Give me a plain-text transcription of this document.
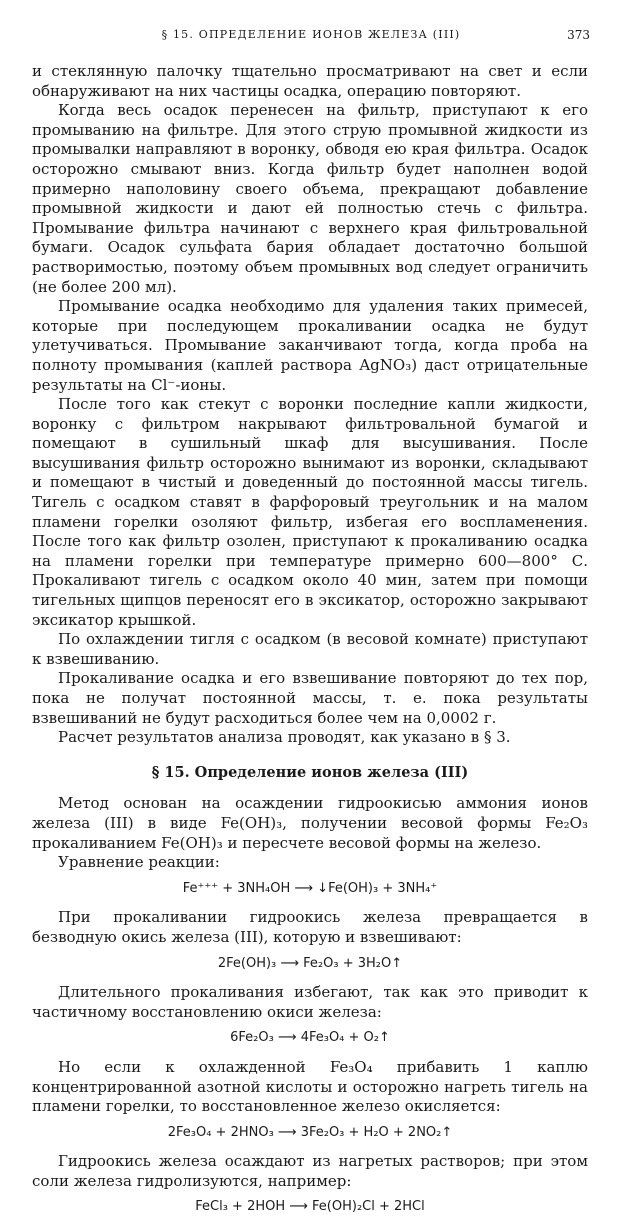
§ 15. ОПРЕДЕЛЕНИЕ ИОНОВ ЖЕЛЕЗА (III)	373

и стеклянную палочку тщательно просматривают на свет и если обнаруживают на них частицы осадка, операцию повторяют.

Когда весь осадок перенесен на фильтр, приступают к его промыванию на фильтре. Для этого струю промывной жидкости из промывалки направляют в воронку, обводя ею края фильтра. Осадок осторожно смывают вниз. Когда фильтр будет наполнен водой примерно наполовину своего объема, прекращают добавление промывной жидкости и дают ей полностью стечь с фильтра. Промывание фильтра начинают с верхнего края фильтровальной бумаги. Осадок сульфата бария обладает достаточно большой растворимостью, поэтому объем промывных вод следует ограничить (не более 200 мл).

Промывание осадка необходимо для удаления таких примесей, которые при последующем прокаливании осадка не будут улетучиваться. Промывание заканчивают тогда, когда проба на полноту промывания (каплей раствора AgNO₃) даст отрицательные результаты на Cl⁻-ионы.

После того как стекут с воронки последние капли жидкости, воронку с фильтром накрывают фильтровальной бумагой и помещают в сушильный шкаф для высушивания. После высушивания фильтр осторожно вынимают из воронки, складывают и помещают в чистый и доведенный до постоянной массы тигель. Тигель с осадком ставят в фарфоровый треугольник и на малом пламени горелки озоляют фильтр, избегая его воспламенения. После того как фильтр озолен, приступают к прокаливанию осадка на пламени горелки при температуре примерно 600—800° С. Прокаливают тигель с осадком около 40 мин, затем при помощи тигельных щипцов переносят его в эксикатор, осторожно закрывают эксикатор крышкой.

По охлаждении тигля с осадком (в весовой комнате) приступают к взвешиванию.

Прокаливание осадка и его взвешивание повторяют до тех пор, пока не получат постоянной массы, т. е. пока результаты взвешиваний не будут расходиться более чем на 0,0002 г.

Расчет результатов анализа проводят, как указано в § 3.

§ 15. Определение ионов железа (III)

Метод основан на осаждении гидроокисью аммония ионов железа (III) в виде Fe(OH)₃, получении весовой формы Fe₂O₃ прокаливанием Fe(OH)₃ и пересчете весовой формы на железо.

Уравнение реакции:

Fe⁺⁺⁺ + 3NH₄OH ⟶ ↓Fe(OH)₃ + 3NH₄⁺

При прокаливании гидроокись железа превращается в безводную окись железа (III), которую и взвешивают:

2Fe(OH)₃ ⟶ Fe₂O₃ + 3H₂O↑

Длительного прокаливания избегают, так как это приводит к частичному восстановлению окиси железа:

6Fe₂O₃ ⟶ 4Fe₃O₄ + O₂↑

Но если к охлажденной Fe₃O₄ прибавить 1 каплю концентрированной азотной кислоты и осторожно нагреть тигель на пламени горелки, то восстановленное железо окисляется:

2Fe₃O₄ + 2HNO₃ ⟶ 3Fe₂O₃ + H₂O + 2NO₂↑

Гидроокись железа осаждают из нагретых растворов; при этом соли железа гидролизуются, например:

FeCl₃ + 2HOH ⟶ Fe(OH)₂Cl + 2HCl
